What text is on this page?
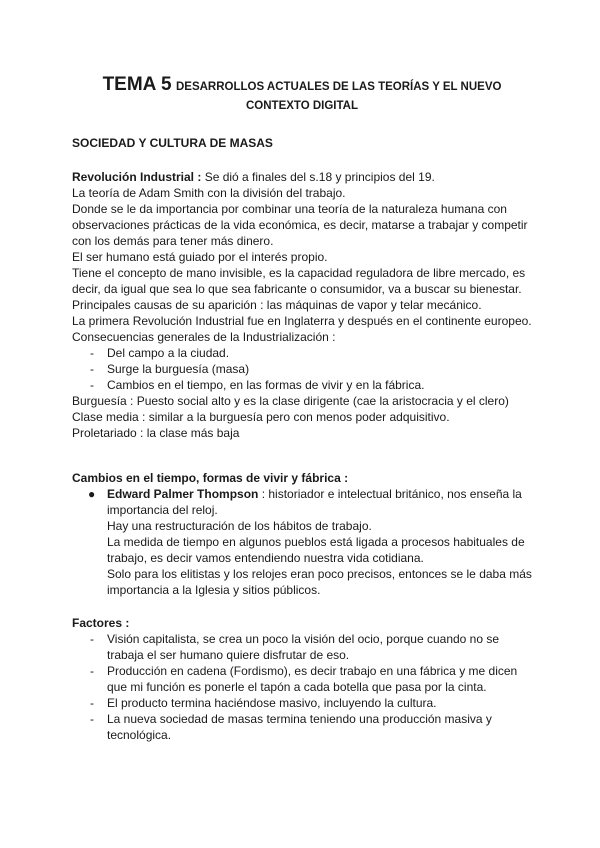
TEMA 5 DESARROLLOS ACTUALES DE LAS TEORÍAS Y EL NUEVO
CONTEXTO DIGITAL

SOCIEDAD Y CULTURA DE MASAS

Revolución Industrial : Se dió a finales del s.18 y principios del 19.

La teoría de Adam Smith con la división del trabajo.

Donde se le da importancia por combinar una teoría de la naturaleza humana con observaciones prácticas de la vida económica, es decir, matarse a trabajar y competir con los demás para tener más dinero.

El ser humano está guiado por el interés propio.

Tiene el concepto de mano invisible, es la capacidad reguladora de libre mercado, es decir, da igual que sea lo que sea fabricante o consumidor, va a buscar su bienestar.

Principales causas de su aparición : las máquinas de vapor y telar mecánico.

La primera Revolución Industrial fue en Inglaterra y después en el continente europeo.

Consecuencias generales de la Industrialización :

- Del campo a la ciudad.
- Surge la burguesía (masa)
- Cambios en el tiempo, en las formas de vivir y en la fábrica.

Burguesía : Puesto social alto y es la clase dirigente (cae la aristocracia y el clero)

Clase media : similar a la burguesía pero con menos poder adquisitivo.

Proletariado : la clase más baja

Cambios en el tiempo, formas de vivir y fábrica :
● Edward Palmer Thompson : historiador e intelectual británico, nos enseña la importancia del reloj.

Hay una restructuración de los hábitos de trabajo.

La medida de tiempo en algunos pueblos está ligada a procesos habituales de trabajo, es decir vamos entendiendo nuestra vida cotidiana.

Solo para los elitistas y los relojes eran poco precisos, entonces se le daba más importancia a la Iglesia y sitios públicos.

Factores :
- Visión capitalista, se crea un poco la visión del ocio, porque cuando no se trabaja el ser humano quiere disfrutar de eso.
- Producción en cadena (Fordismo), es decir trabajo en una fábrica y me dicen que mi función es ponerle el tapón a cada botella que pasa por la cinta.
- El producto termina haciéndose masivo, incluyendo la cultura.
- La nueva sociedad de masas termina teniendo una producción masiva y tecnológica.
